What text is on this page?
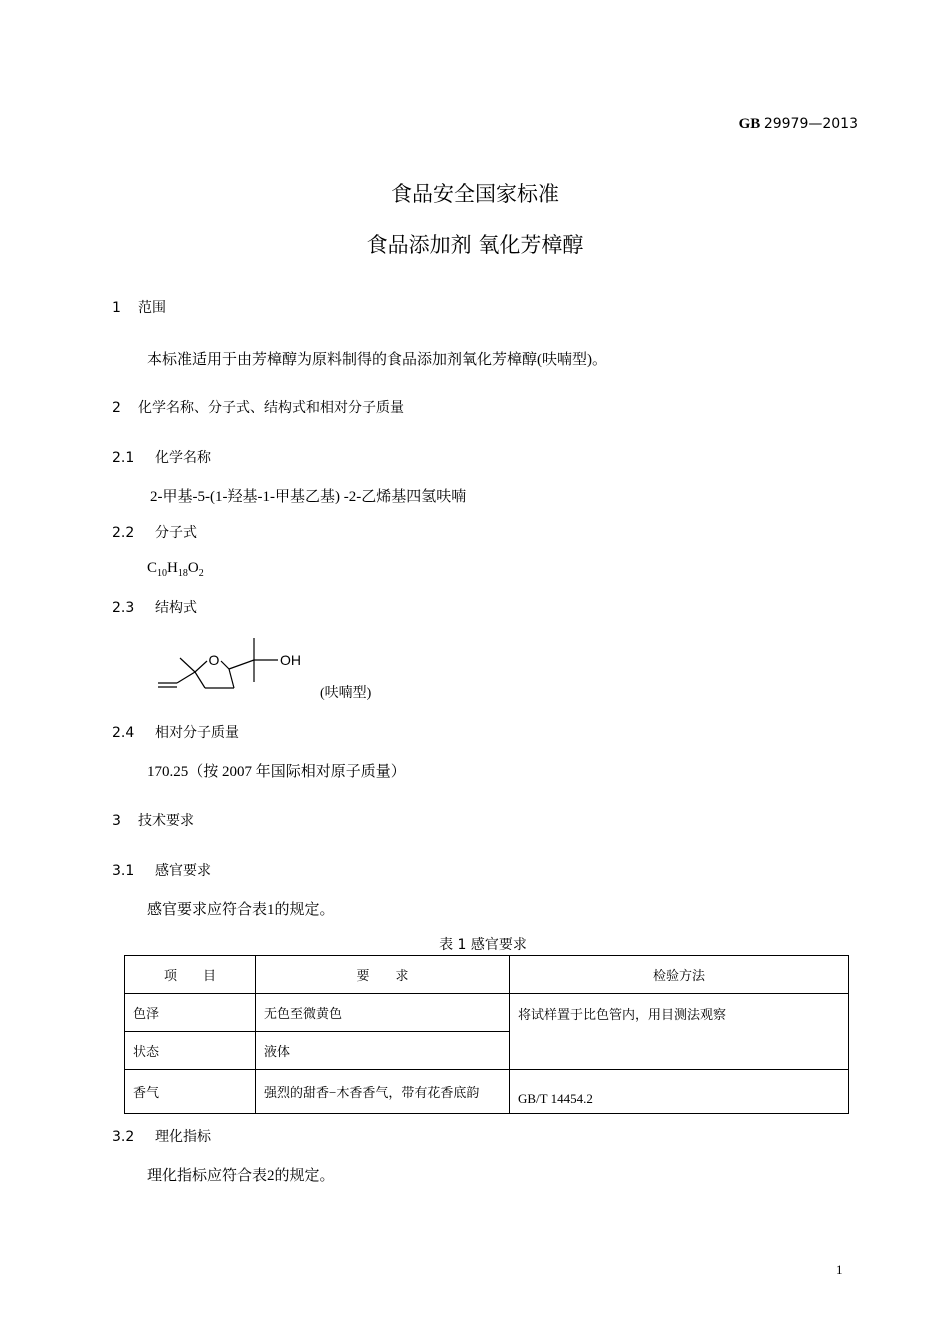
GB 29979—2013
食品安全国家标准
食品添加剂 氧化芳樟醇
1 范围
本标准适用于由芳樟醇为原料制得的食品添加剂氧化芳樟醇(呋喃型)。
2 化学名称、分子式、结构式和相对分子质量
2.1 化学名称
2-甲基-5-(1-羟基-1-甲基乙基) -2-乙烯基四氢呋喃
2.2 分子式
$C_{10}H_{18}O_2$
2.3 结构式
O	OH
(呋喃型)
2.4 相对分子质量
170.25（按 2007 年国际相对原子质量）
3 技术要求
3.1 感官要求
感官要求应符合表1的规定。
表 1 感官要求
项　　目	要　　求	检验方法
色泽	无色至微黄色	将试样置于比色管内，用目测法观察
状态	液体	
香气	强烈的甜香−木香香气，带有花香底韵	GB/T 14454.2
3.2 理化指标
理化指标应符合表2的规定。
1
